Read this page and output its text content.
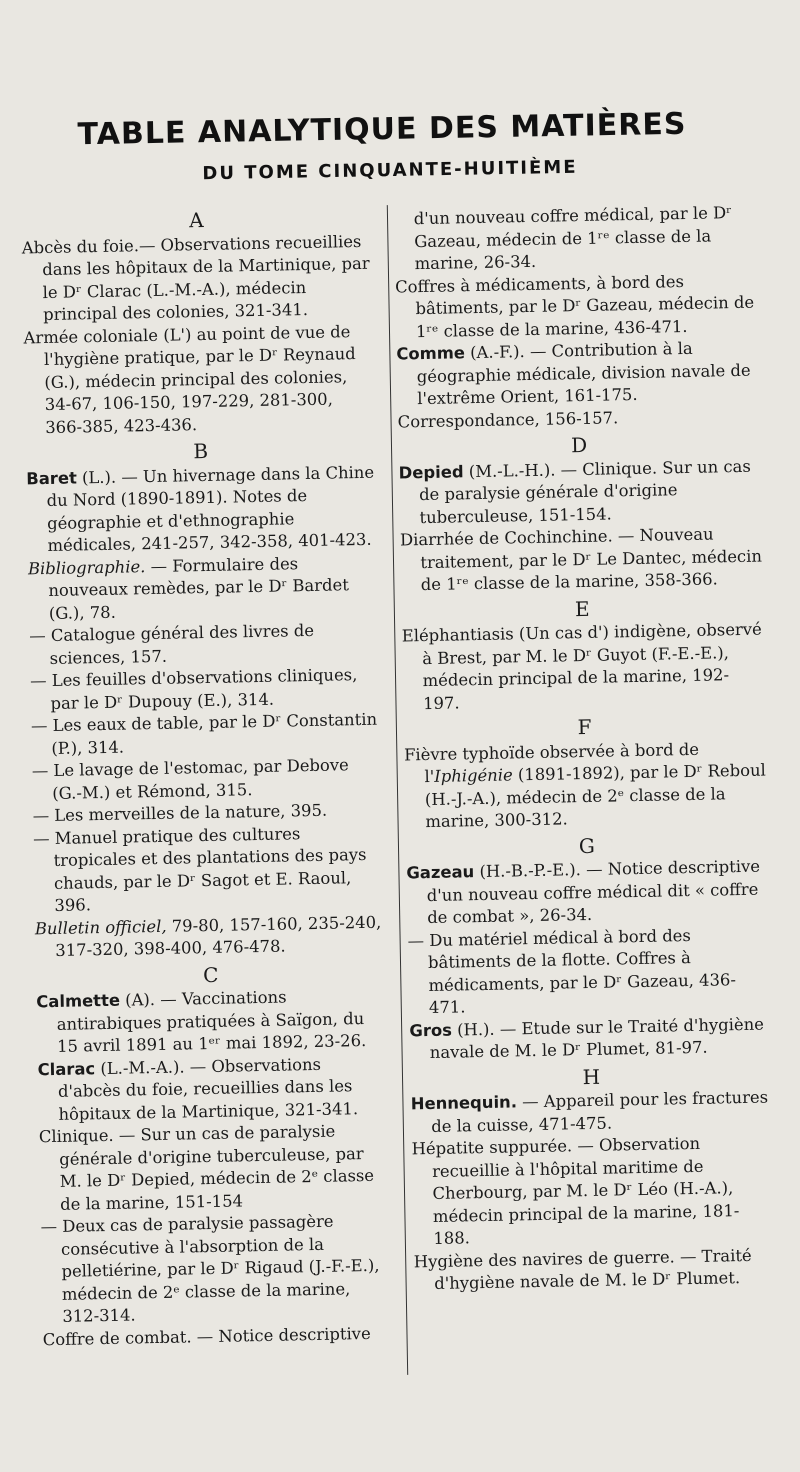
TABLE ANALYTIQUE DES MATIÈRES
DU TOME CINQUANTE-HUITIÈME
A

Abcès du foie.— Observations recueillies dans les hôpitaux de la Martinique, par le Dʳ Clarac (L.-M.-A.), médecin principal des colonies, 321-341.

Armée coloniale (L') au point de vue de l'hygiène pratique, par le Dʳ Reynaud (G.), médecin principal des colonies, 34-67, 106-150, 197-229, 281-300, 366-385, 423-436.

B

Baret (L.). — Un hivernage dans la Chine du Nord (1890-1891). Notes de géographie et d'ethnographie médicales, 241-257, 342-358, 401-423.

Bibliographie. — Formulaire des nouveaux remèdes, par le Dʳ Bardet (G.), 78.

— Catalogue général des livres de sciences, 157.

— Les feuilles d'observations cliniques, par le Dʳ Dupouy (E.), 314.

— Les eaux de table, par le Dʳ Constantin (P.), 314.

— Le lavage de l'estomac, par Debove (G.-M.) et Rémond, 315.

— Les merveilles de la nature, 395.

— Manuel pratique des cultures tropicales et des plantations des pays chauds, par le Dʳ Sagot et E. Raoul, 396.

Bulletin officiel, 79-80, 157-160, 235-240, 317-320, 398-400, 476-478.

C

Calmette (A). — Vaccinations antirabiques pratiquées à Saïgon, du 15 avril 1891 au 1ᵉʳ mai 1892, 23-26.

Clarac (L.-M.-A.). — Observations d'abcès du foie, recueillies dans les hôpitaux de la Martinique, 321-341.

Clinique. — Sur un cas de paralysie générale d'origine tuberculeuse, par M. le Dʳ Depied, médecin de 2ᵉ classe de la marine, 151-154

— Deux cas de paralysie passagère consécutive à l'absorption de la pelletiérine, par le Dʳ Rigaud (J.-F.-E.), médecin de 2ᵉ classe de la marine, 312-314.

Coffre de combat. — Notice descriptive

d'un nouveau coffre médical, par le Dʳ Gazeau, médecin de 1ʳᵉ classe de la marine, 26-34.

Coffres à médicaments, à bord des bâtiments, par le Dʳ Gazeau, médecin de 1ʳᵉ classe de la marine, 436-471.

Comme (A.-F.). — Contribution à la géographie médicale, division navale de l'extrême Orient, 161-175.

Correspondance, 156-157.

D

Depied (M.-L.-H.). — Clinique. Sur un cas de paralysie générale d'origine tuberculeuse, 151-154.

Diarrhée de Cochinchine. — Nouveau traitement, par le Dʳ Le Dantec, médecin de 1ʳᵉ classe de la marine, 358-366.

E

Eléphantiasis (Un cas d') indigène, observé à Brest, par M. le Dʳ Guyot (F.-E.-E.), médecin principal de la marine, 192-197.

F

Fièvre typhoïde observée à bord de l'Iphigénie (1891-1892), par le Dʳ Reboul (H.-J.-A.), médecin de 2ᵉ classe de la marine, 300-312.

G

Gazeau (H.-B.-P.-E.). — Notice descriptive d'un nouveau coffre médical dit « coffre de combat », 26-34.

— Du matériel médical à bord des bâtiments de la flotte. Coffres à médicaments, par le Dʳ Gazeau, 436-471.

Gros (H.). — Etude sur le Traité d'hygiène navale de M. le Dʳ Plumet, 81-97.

H

Hennequin. — Appareil pour les fractures de la cuisse, 471-475.

Hépatite suppurée. — Observation recueillie à l'hôpital maritime de Cherbourg, par M. le Dʳ Léo (H.-A.), médecin principal de la marine, 181-188.

Hygiène des navires de guerre. — Traité d'hygiène navale de M. le Dʳ Plumet.
